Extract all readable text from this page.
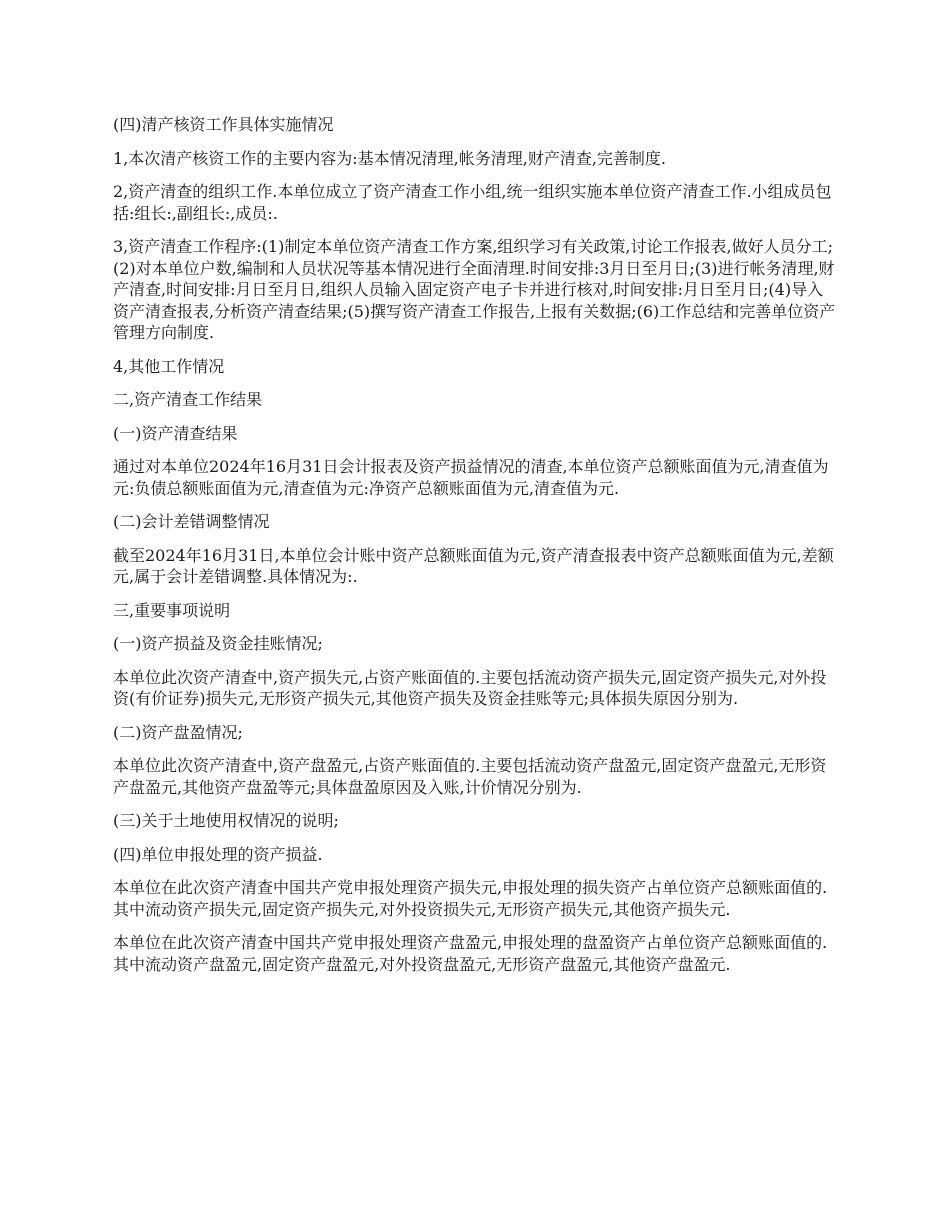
(四)清产核资工作具体实施情况

1,本次清产核资工作的主要内容为:基本情况清理,帐务清理,财产清查,完善制度.

2,资产清查的组织工作.本单位成立了资产清查工作小组,统一组织实施本单位资产清查工作.小组成员包括:组长:,副组长:,成员:.

3,资产清查工作程序:(1)制定本单位资产清查工作方案,组织学习有关政策,讨论工作报表,做好人员分工;(2)对本单位户数,编制和人员状况等基本情况进行全面清理.时间安排:3月日至月日;(3)进行帐务清理,财产清查,时间安排:月日至月日,组织人员输入固定资产电子卡并进行核对,时间安排:月日至月日;(4)导入资产清查报表,分析资产清查结果;(5)撰写资产清查工作报告,上报有关数据;(6)工作总结和完善单位资产管理方向制度.

4,其他工作情况

二,资产清查工作结果

(一)资产清查结果

通过对本单位2024年16月31日会计报表及资产损益情况的清查,本单位资产总额账面值为元,清查值为元:负债总额账面值为元,清查值为元:净资产总额账面值为元,清查值为元.

(二)会计差错调整情况

截至2024年16月31日,本单位会计账中资产总额账面值为元,资产清查报表中资产总额账面值为元,差额元,属于会计差错调整.具体情况为:.

三,重要事项说明

(一)资产损益及资金挂账情况;

本单位此次资产清查中,资产损失元,占资产账面值的.主要包括流动资产损失元,固定资产损失元,对外投资(有价证券)损失元,无形资产损失元,其他资产损失及资金挂账等元;具体损失原因分别为.

(二)资产盘盈情况;

本单位此次资产清查中,资产盘盈元,占资产账面值的.主要包括流动资产盘盈元,固定资产盘盈元,无形资产盘盈元,其他资产盘盈等元;具体盘盈原因及入账,计价情况分别为.

(三)关于土地使用权情况的说明;

(四)单位申报处理的资产损益.

本单位在此次资产清查中国共产党申报处理资产损失元,申报处理的损失资产占单位资产总额账面值的.其中流动资产损失元,固定资产损失元,对外投资损失元,无形资产损失元,其他资产损失元.

本单位在此次资产清查中国共产党申报处理资产盘盈元,申报处理的盘盈资产占单位资产总额账面值的.其中流动资产盘盈元,固定资产盘盈元,对外投资盘盈元,无形资产盘盈元,其他资产盘盈元.
